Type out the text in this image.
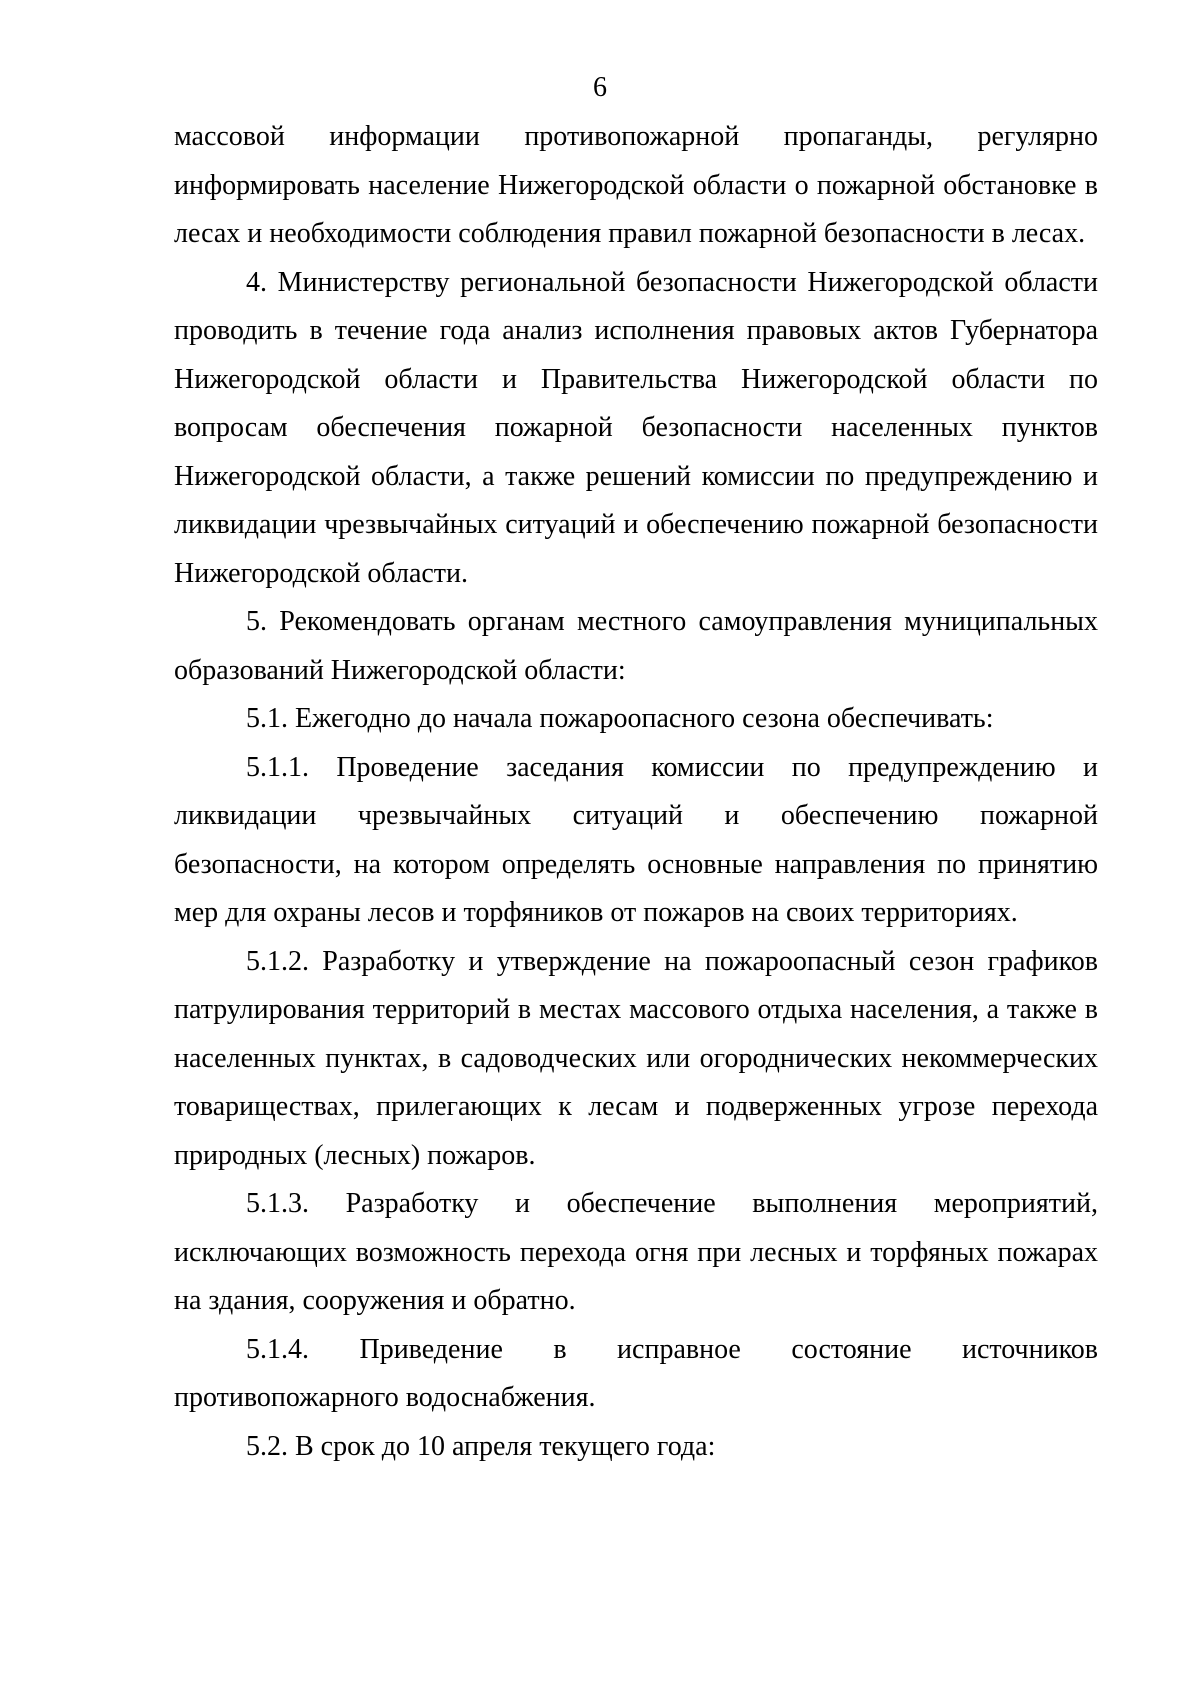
6

массовой информации противопожарной пропаганды, регулярно информировать население Нижегородской области о пожарной обстановке в лесах и необходимости соблюдения правил пожарной безопасности в лесах.

4. Министерству региональной безопасности Нижегородской области проводить в течение года анализ исполнения правовых актов Губернатора Нижегородской области и Правительства Нижегородской области по вопросам обеспечения пожарной безопасности населенных пунктов Нижегородской области, а также решений комиссии по предупреждению и ликвидации чрезвычайных ситуаций и обеспечению пожарной безопасности Нижегородской области.

5. Рекомендовать органам местного самоуправления муниципальных образований Нижегородской области:

5.1. Ежегодно до начала пожароопасного сезона обеспечивать:

5.1.1. Проведение заседания комиссии по предупреждению и ликвидации чрезвычайных ситуаций и обеспечению пожарной безопасности, на котором определять основные направления по принятию мер для охраны лесов и торфяников от пожаров на своих территориях.

5.1.2. Разработку и утверждение на пожароопасный сезон графиков патрулирования территорий в местах массового отдыха населения, а также в населенных пунктах, в садоводческих или огороднических некоммерческих товариществах, прилегающих к лесам и подверженных угрозе перехода природных (лесных) пожаров.

5.1.3. Разработку и обеспечение выполнения мероприятий, исключающих возможность перехода огня при лесных и торфяных пожарах на здания, сооружения и обратно.

5.1.4. Приведение в исправное состояние источников противопожарного водоснабжения.

5.2. В срок до 10 апреля текущего года:
